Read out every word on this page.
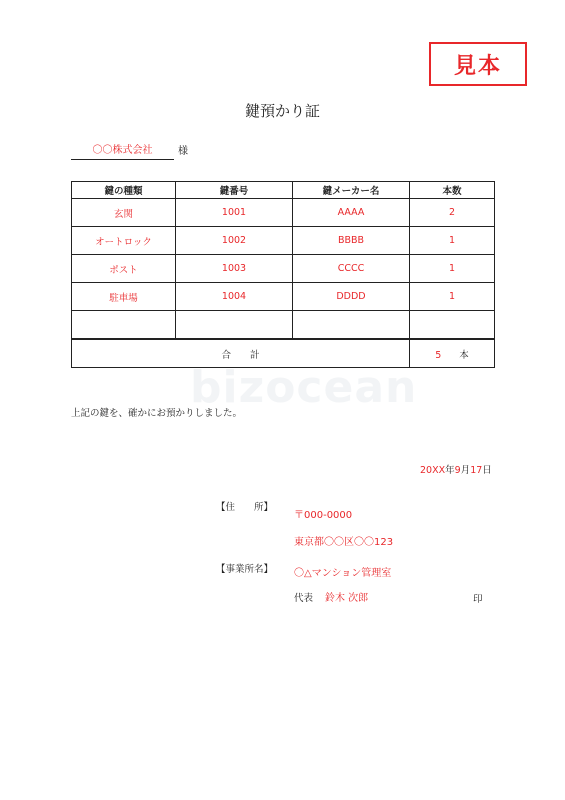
bizocean
見本
鍵預かり証
〇〇株式会社	様
鍵の種類	鍵番号	鍵メーカー名	本数
玄関	1001	AAAA	2
オートロック	1002	BBBB	1
ポスト	1003	CCCC	1
駐車場	1004	DDDD	1

合　　計			5 本
上記の鍵を、確かにお預かりしました。
20XX年9月17日
【住　　所】
〒000-0000
東京都〇〇区〇〇123
【事業所名】 〇△マンション管理室
代表 鈴木 次郎	印
